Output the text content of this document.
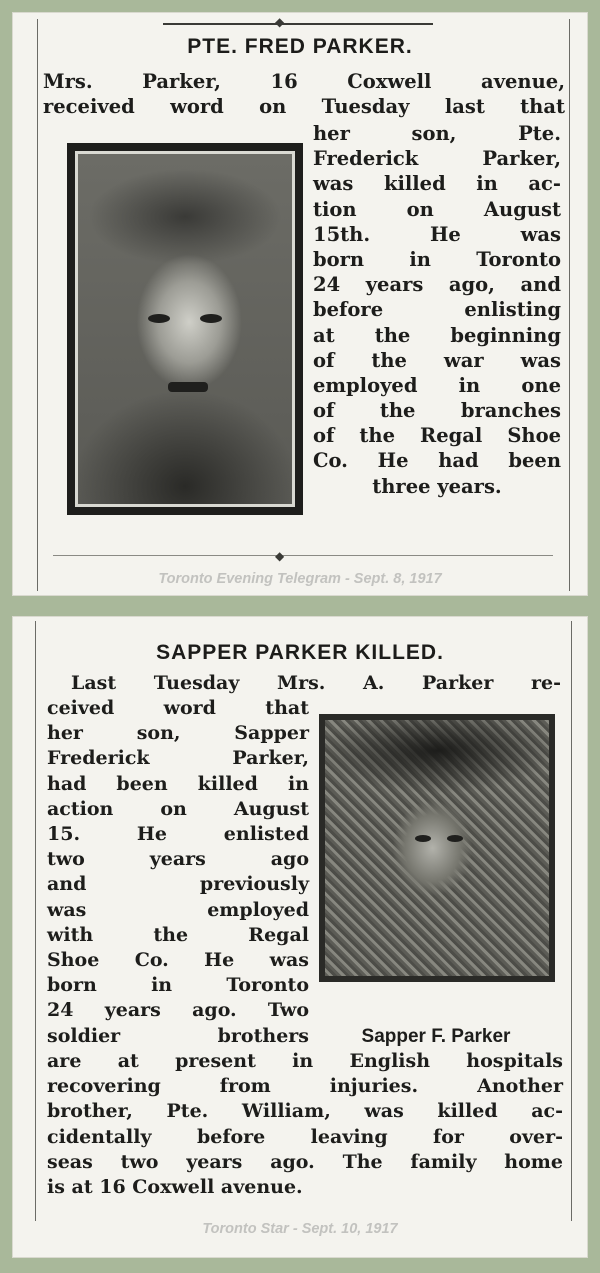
◆
PTE. FRED PARKER.
Mrs. Parker, 16 Coxwell avenue,
received word on Tuesday last that
her son, Pte.
Frederick Parker,
was killed in ac-
tion on August
15th. He was
born in Toronto
24 years ago, and
before enlisting
at the beginning
of the war was
employed in one
of the branches
of the Regal Shoe
Co. He had been
three years.
◆
Toronto Evening Telegram - Sept. 8, 1917
SAPPER PARKER KILLED.
Last Tuesday Mrs. A. Parker re-
ceived word that
her son, Sapper
Frederick Parker,
had been killed in
action on August
15. He enlisted
two years ago
and previously
was employed
with the Regal
Shoe Co. He was
born in Toronto
24 years ago. Two
soldier brothers	Sapper F. Parker
are at present in English hospitals
recovering from injuries. Another
brother, Pte. William, was killed ac-
cidentally before leaving for over-
seas two years ago. The family home
is at 16 Coxwell avenue.
Toronto Star - Sept. 10, 1917
